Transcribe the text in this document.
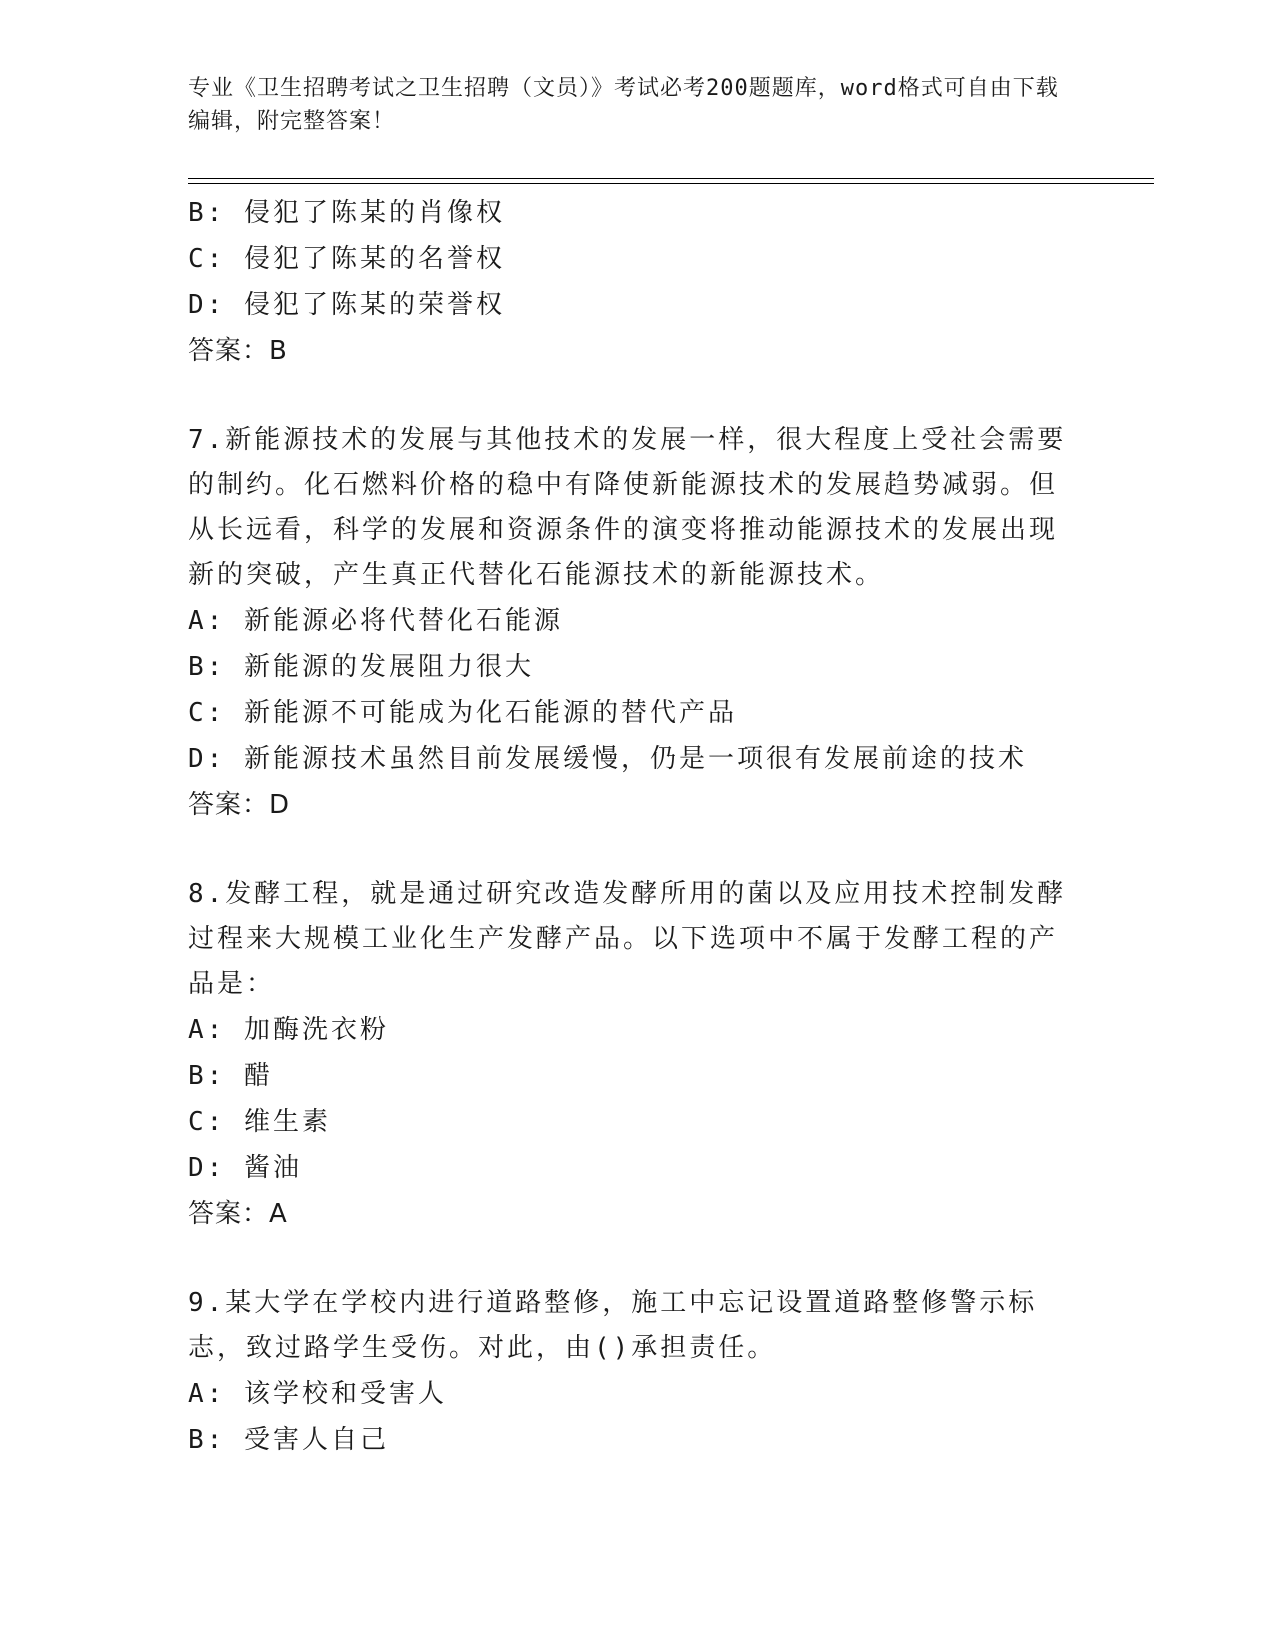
专业《卫生招聘考试之卫生招聘（文员）》考试必考200题题库，word格式可自由下载编辑，附完整答案！
B: 侵犯了陈某的肖像权
C: 侵犯了陈某的名誉权
D: 侵犯了陈某的荣誉权
答案：B
7.新能源技术的发展与其他技术的发展一样，很大程度上受社会需要的制约。化石燃料价格的稳中有降使新能源技术的发展趋势减弱。但从长远看，科学的发展和资源条件的演变将推动能源技术的发展出现新的突破，产生真正代替化石能源技术的新能源技术。
A: 新能源必将代替化石能源
B: 新能源的发展阻力很大
C: 新能源不可能成为化石能源的替代产品
D: 新能源技术虽然目前发展缓慢，仍是一项很有发展前途的技术
答案：D
8.发酵工程，就是通过研究改造发酵所用的菌以及应用技术控制发酵过程来大规模工业化生产发酵产品。以下选项中不属于发酵工程的产品是：
A: 加酶洗衣粉
B: 醋
C: 维生素
D: 酱油
答案：A
9.某大学在学校内进行道路整修，施工中忘记设置道路整修警示标志，致过路学生受伤。对此，由()承担责任。
A: 该学校和受害人
B: 受害人自己
